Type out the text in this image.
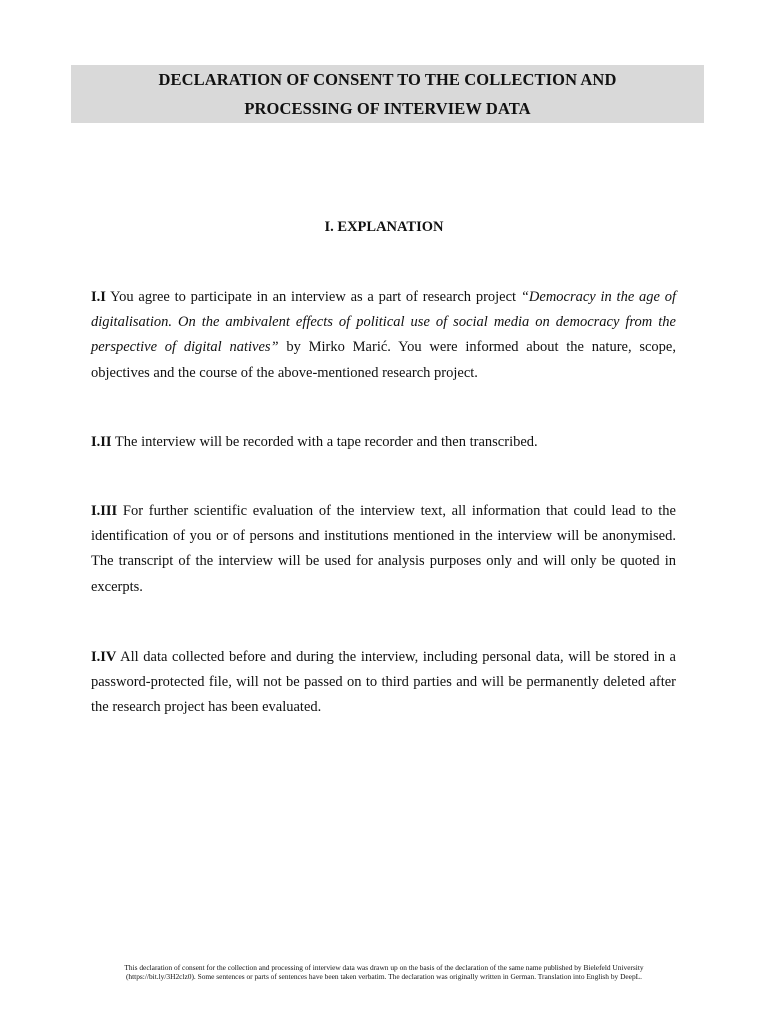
DECLARATION OF CONSENT TO THE COLLECTION AND
PROCESSING OF INTERVIEW DATA
I. EXPLANATION
I.I You agree to participate in an interview as a part of research project “Democracy in the age of digitalisation. On the ambivalent effects of political use of social media on democracy from the perspective of digital natives” by Mirko Marić. You were informed about the nature, scope, objectives and the course of the above-mentioned research project.
I.II The interview will be recorded with a tape recorder and then transcribed.
I.III For further scientific evaluation of the interview text, all information that could lead to the identification of you or of persons and institutions mentioned in the interview will be anonymised. The transcript of the interview will be used for analysis purposes only and will only be quoted in excerpts.
I.IV All data collected before and during the interview, including personal data, will be stored in a password-protected file, will not be passed on to third parties and will be permanently deleted after the research project has been evaluated.
This declaration of consent for the collection and processing of interview data was drawn up on the basis of the declaration of the same name published by Bielefeld University (https://bit.ly/3H2clz0). Some sentences or parts of sentences have been taken verbatim. The declaration was originally written in German. Translation into English by DeepL.
